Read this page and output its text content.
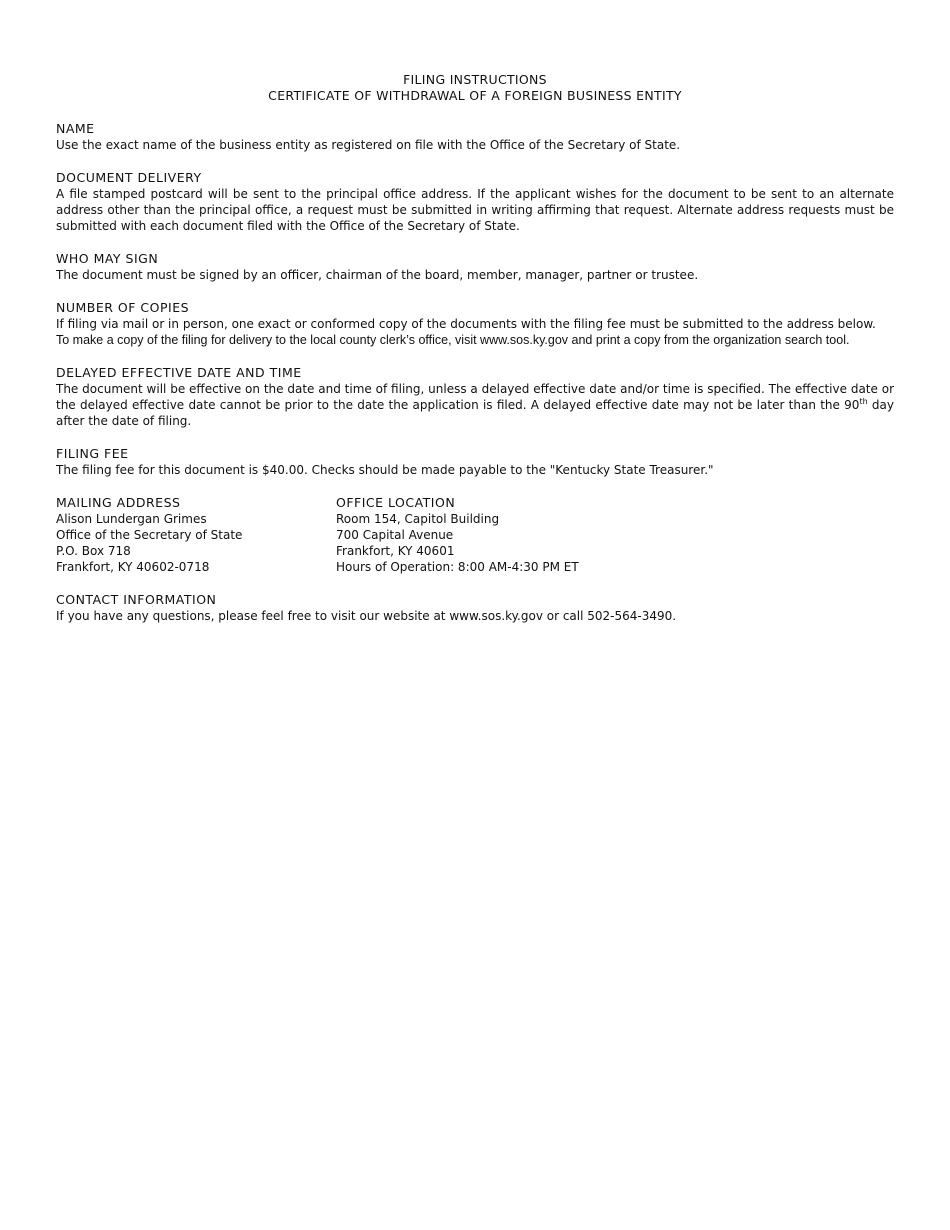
FILING INSTRUCTIONS
CERTIFICATE OF WITHDRAWAL OF A FOREIGN BUSINESS ENTITY
NAME
Use the exact name of the business entity as registered on file with the Office of the Secretary of State.
DOCUMENT DELIVERY
A file stamped postcard will be sent to the principal office address. If the applicant wishes for the document to be sent to an alternate address other than the principal office, a request must be submitted in writing affirming that request. Alternate address requests must be submitted with each document filed with the Office of the Secretary of State.
WHO MAY SIGN
The document must be signed by an officer, chairman of the board, member, manager, partner or trustee.
NUMBER OF COPIES
If filing via mail or in person, one exact or conformed copy of the documents with the filing fee must be submitted to the address below.
To make a copy of the filing for delivery to the local county clerk’s office, visit www.sos.ky.gov and print a copy from the organization search tool.
DELAYED EFFECTIVE DATE AND TIME
The document will be effective on the date and time of filing, unless a delayed effective date and/or time is specified. The effective date or the delayed effective date cannot be prior to the date the application is filed. A delayed effective date may not be later than the 90th day after the date of filing.
FILING FEE
The filing fee for this document is $40.00. Checks should be made payable to the "Kentucky State Treasurer."
MAILING ADDRESS
Alison Lundergan Grimes
Office of the Secretary of State
P.O. Box 718
Frankfort, KY 40602-0718
OFFICE LOCATION
Room 154, Capitol Building
700 Capital Avenue
Frankfort, KY 40601
Hours of Operation: 8:00 AM-4:30 PM ET
CONTACT INFORMATION
If you have any questions, please feel free to visit our website at www.sos.ky.gov or call 502-564-3490.
